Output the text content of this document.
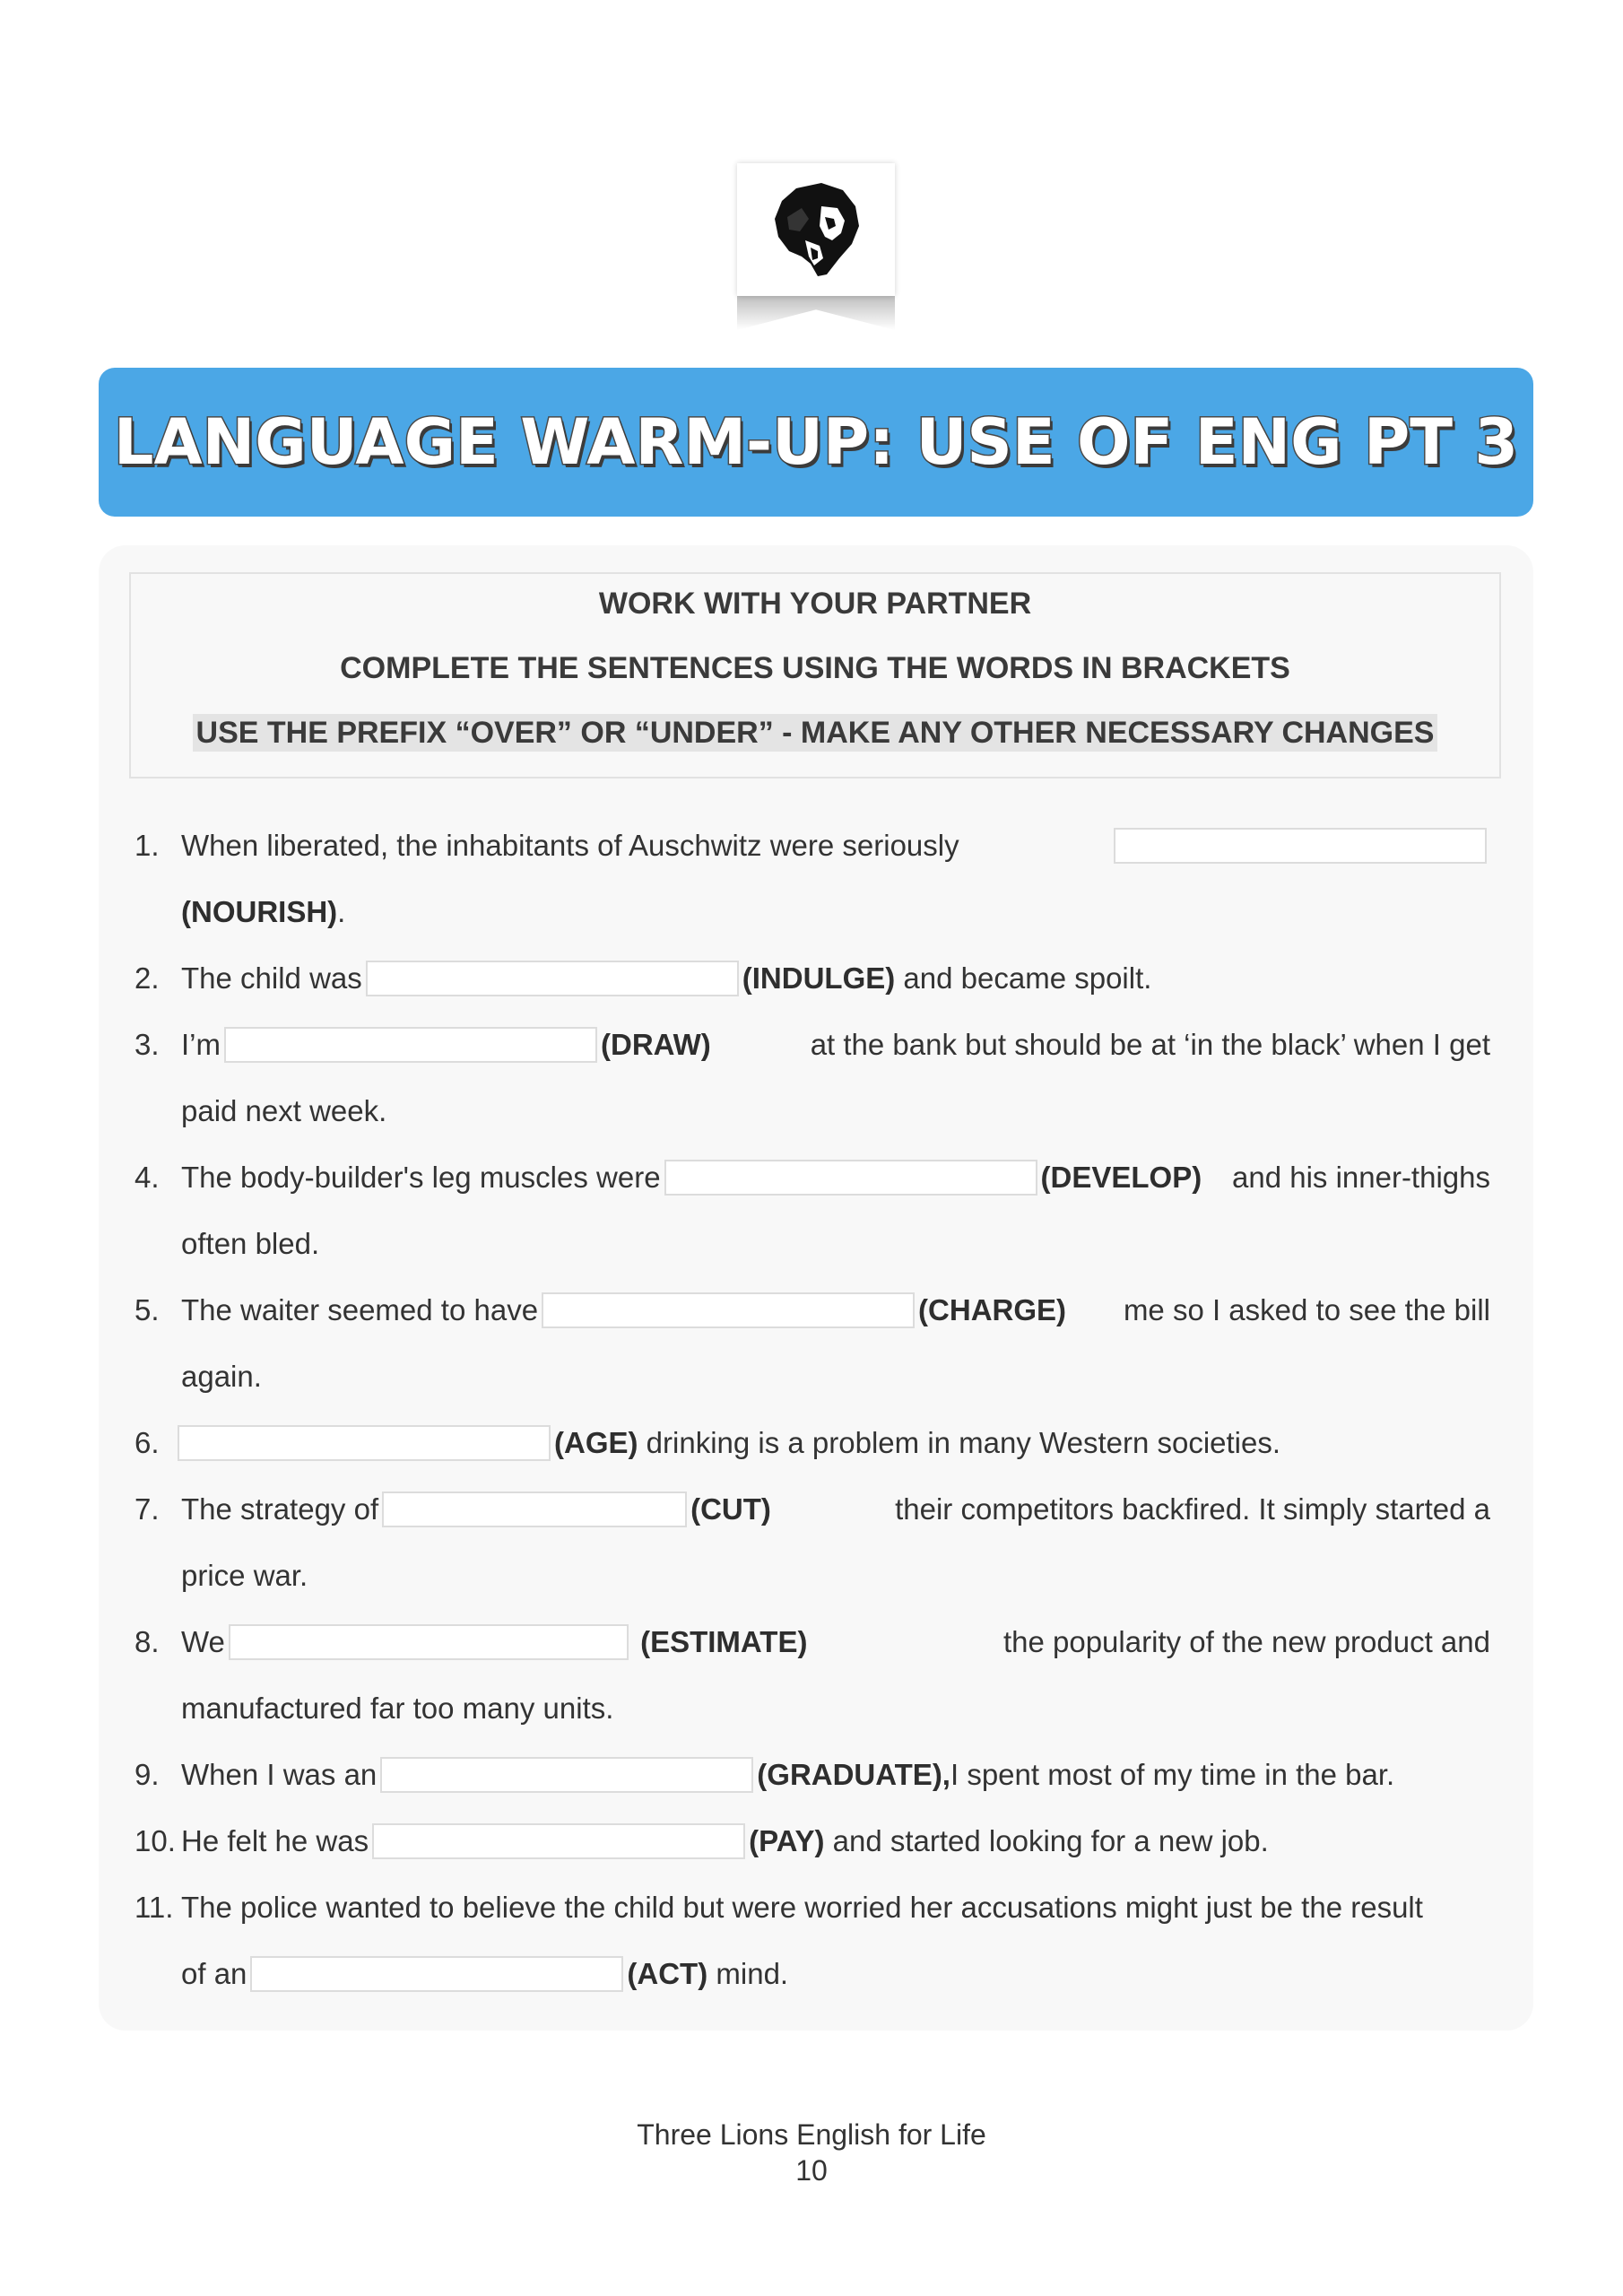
LANGUAGE WARM-UP: USE OF ENG PT 3
WORK WITH YOUR PARTNER
COMPLETE THE SENTENCES USING THE WORDS IN BRACKETS
USE THE PREFIX “OVER” OR “UNDER” - MAKE ANY OTHER NECESSARY CHANGES
1. When liberated, the inhabitants of Auschwitz were seriously
(NOURISH) .
2. The child was	(INDULGE)
and became spoilt.
3. I’m	(DRAW)	at the bank but should be at ‘in the black’ when I get
paid next week.
4. The body-builder's leg muscles were	(DEVELOP) and his inner-thighs
often bled.
5. The waiter seemed to have	(CHARGE) me so I asked to see the bill
again.
6.	(AGE)
drinking is a problem in many Western societies.
7. The strategy of	(CUT)	their competitors backfired. It simply started a
price war.
8. We
	(ESTIMATE)	the popularity of the new product and
manufactured far too many units.
9. When I was an	(GRADUATE), I spent most of my time in the bar.
10. He felt he was	(PAY)
and started looking for a new job.
11. The police wanted to believe the child but were worried her accusations might just be the result
of an	(ACT)
mind.
Three Lions English for Life
10
